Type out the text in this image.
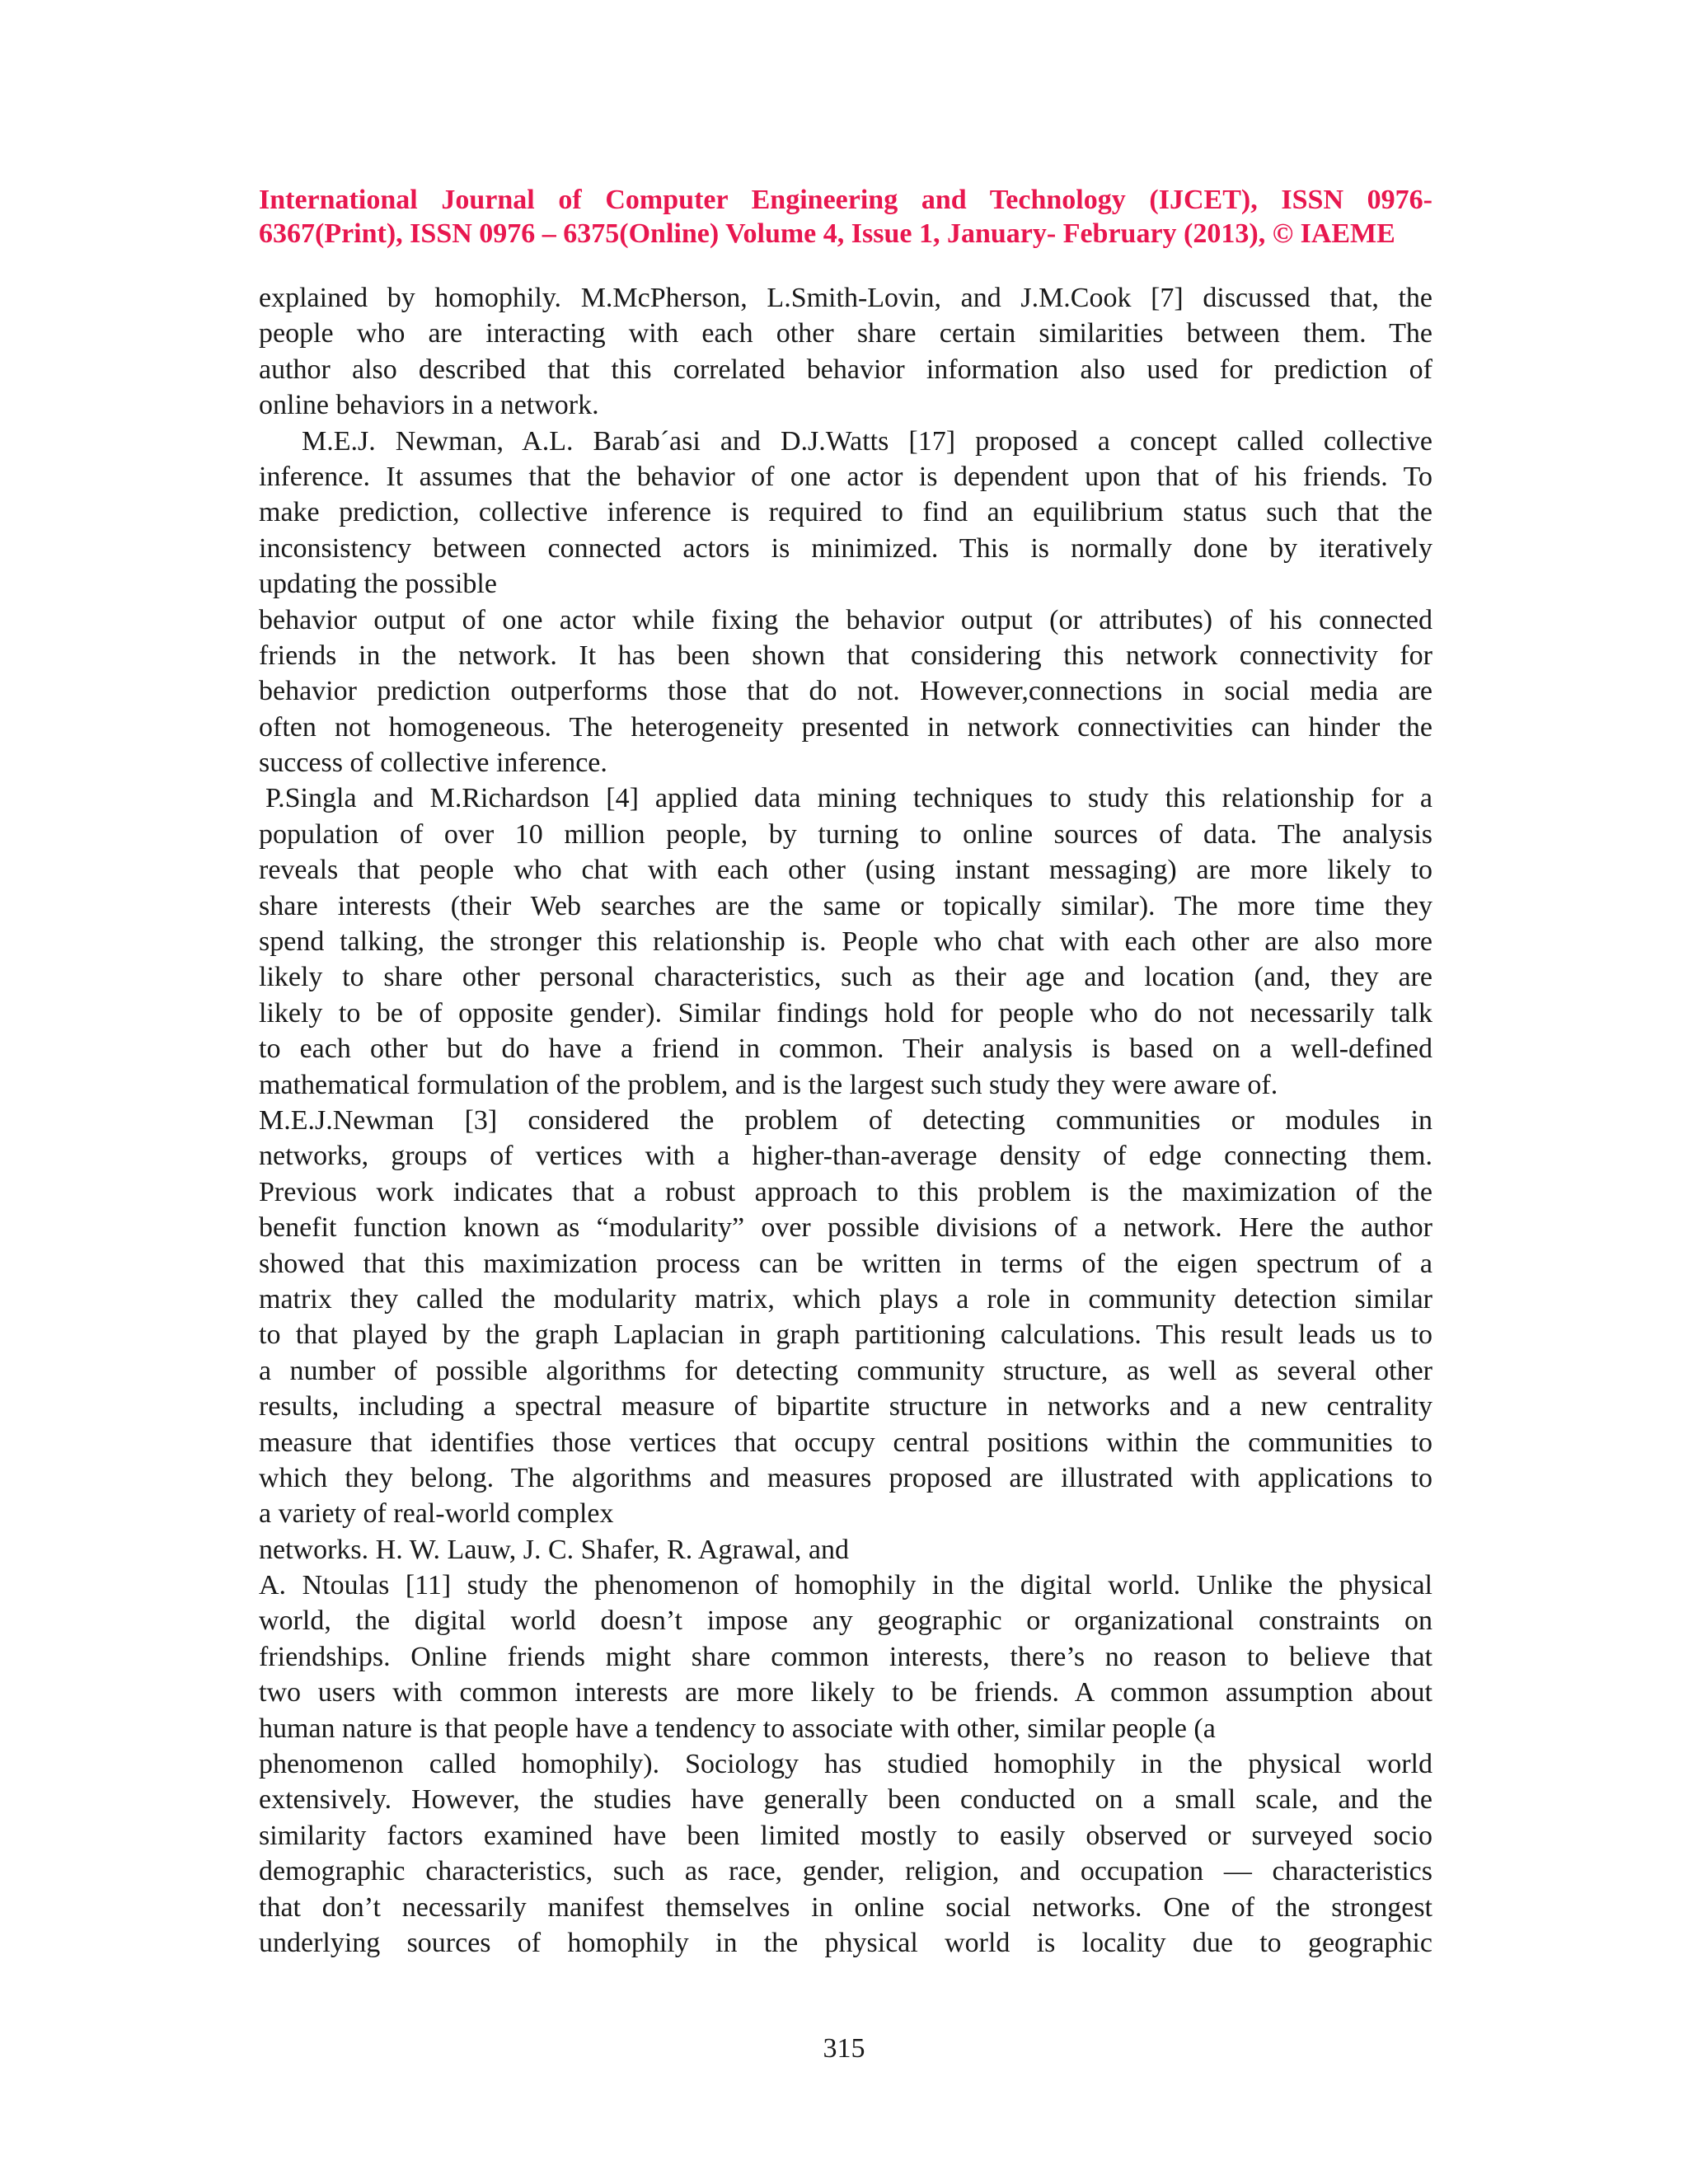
International Journal of Computer Engineering and Technology (IJCET), ISSN 0976-
6367(Print), ISSN 0976 – 6375(Online) Volume 4, Issue 1, January- February (2013), © IAEME
explained by homophily. M.McPherson, L.Smith-Lovin, and J.M.Cook [7] discussed that, the
people who are interacting with each other share certain similarities between them. The
author also described that this correlated behavior information also used for prediction of
online behaviors in a network.
M.E.J. Newman, A.L. Barab´asi and D.J.Watts [17] proposed a concept called collective
inference. It assumes that the behavior of one actor is dependent upon that of his friends. To
make prediction, collective inference is required to find an equilibrium status such that the
inconsistency between connected actors is minimized. This is normally done by iteratively
updating the possible
behavior output of one actor while fixing the behavior output (or attributes) of his connected
friends in the network. It has been shown that considering this network connectivity for
behavior prediction outperforms those that do not. However,connections in social media are
often not homogeneous. The heterogeneity presented in network connectivities can hinder the
success of collective inference.
P.Singla and M.Richardson [4] applied data mining techniques to study this relationship for a
population of over 10 million people, by turning to online sources of data. The analysis
reveals that people who chat with each other (using instant messaging) are more likely to
share interests (their Web searches are the same or topically similar). The more time they
spend talking, the stronger this relationship is. People who chat with each other are also more
likely to share other personal characteristics, such as their age and location (and, they are
likely to be of opposite gender). Similar findings hold for people who do not necessarily talk
to each other but do have a friend in common. Their analysis is based on a well-defined
mathematical formulation of the problem, and is the largest such study they were aware of.
M.E.J.Newman [3] considered the problem of detecting communities or modules in
networks, groups of vertices with a higher-than-average density of edge connecting them.
Previous work indicates that a robust approach to this problem is the maximization of the
benefit function known as “modularity” over possible divisions of a network. Here the author
showed that this maximization process can be written in terms of the eigen spectrum of a
matrix they called the modularity matrix, which plays a role in community detection similar
to that played by the graph Laplacian in graph partitioning calculations. This result leads us to
a number of possible algorithms for detecting community structure, as well as several other
results, including a spectral measure of bipartite structure in networks and a new centrality
measure that identifies those vertices that occupy central positions within the communities to
which they belong. The algorithms and measures proposed are illustrated with applications to
a variety of real-world complex
networks. H. W. Lauw, J. C. Shafer, R. Agrawal, and
A. Ntoulas [11] study the phenomenon of homophily in the digital world. Unlike the physical
world, the digital world doesn’t impose any geographic or organizational constraints on
friendships. Online friends might share common interests, there’s no reason to believe that
two users with common interests are more likely to be friends. A common assumption about
human nature is that people have a tendency to associate with other, similar people (a
phenomenon called homophily). Sociology has studied homophily in the physical world
extensively. However, the studies have generally been conducted on a small scale, and the
similarity factors examined have been limited mostly to easily observed or surveyed socio
demographic characteristics, such as race, gender, religion, and occupation — characteristics
that don’t necessarily manifest themselves in online social networks. One of the strongest
underlying sources of homophily in the physical world is locality due to geographic
315
